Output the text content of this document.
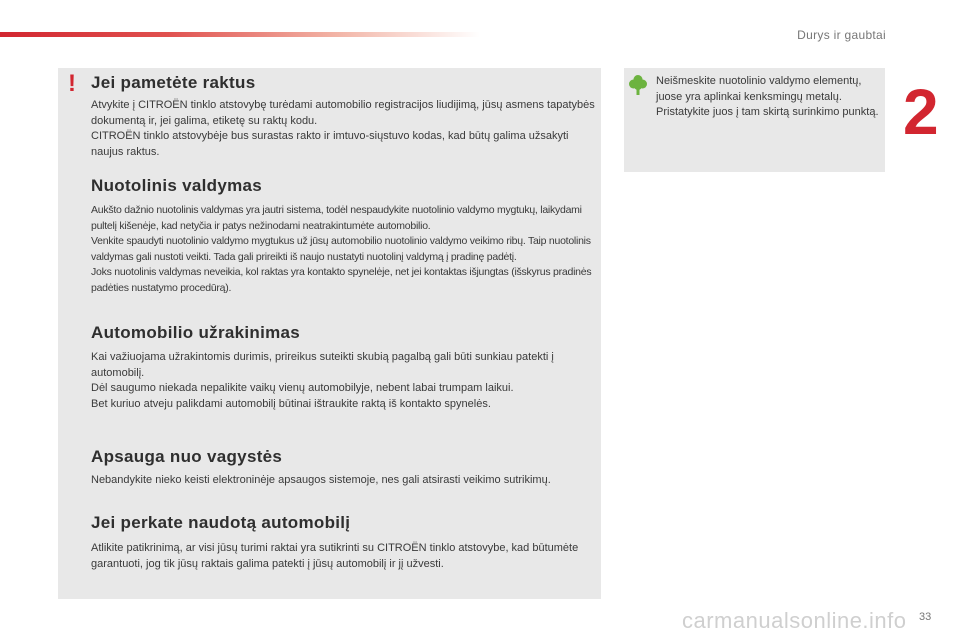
Durys ir gaubtai
2
! Jei pametėte raktus

Atvykite į CITROËN tinklo atstovybę turėdami automobilio registracijos liudijimą, jūsų asmens tapatybės dokumentą ir, jei galima, etiketę su raktų kodu.

CITROËN tinklo atstovybėje bus surastas rakto ir imtuvo-siųstuvo kodas, kad būtų galima užsakyti naujus raktus.

Nuotolinis valdymas

Aukšto dažnio nuotolinis valdymas yra jautri sistema, todėl nespaudykite nuotolinio valdymo mygtukų, laikydami pultelį kišenėje, kad netyčia ir patys nežinodami neatrakintumėte automobilio.

Venkite spaudyti nuotolinio valdymo mygtukus už jūsų automobilio nuotolinio valdymo veikimo ribų. Taip nuotolinis valdymas gali nustoti veikti. Tada gali prireikti iš naujo nustatyti nuotolinį valdymą į pradinę padėtį.

Joks nuotolinis valdymas neveikia, kol raktas yra kontakto spynelėje, net jei kontaktas išjungtas (išskyrus pradinės padėties nustatymo procedūrą).

Automobilio užrakinimas

Kai važiuojama užrakintomis durimis, prireikus suteikti skubią pagalbą gali būti sunkiau patekti į automobilį.

Dėl saugumo niekada nepalikite vaikų vienų automobilyje, nebent labai trumpam laikui.

Bet kuriuo atveju palikdami automobilį būtinai ištraukite raktą iš kontakto spynelės.

Apsauga nuo vagystės

Nebandykite nieko keisti elektroninėje apsaugos sistemoje, nes gali atsirasti veikimo sutrikimų.

Jei perkate naudotą automobilį

Atlikite patikrinimą, ar visi jūsų turimi raktai yra sutikrinti su CITROËN tinklo atstovybe, kad būtumėte garantuoti, jog tik jūsų raktais galima patekti į jūsų automobilį ir jį užvesti.

Neišmeskite nuotolinio valdymo elementų, juose yra aplinkai kenksmingų metalų.

Pristatykite juos į tam skirtą surinkimo punktą.

carmanualsonline.info 33
